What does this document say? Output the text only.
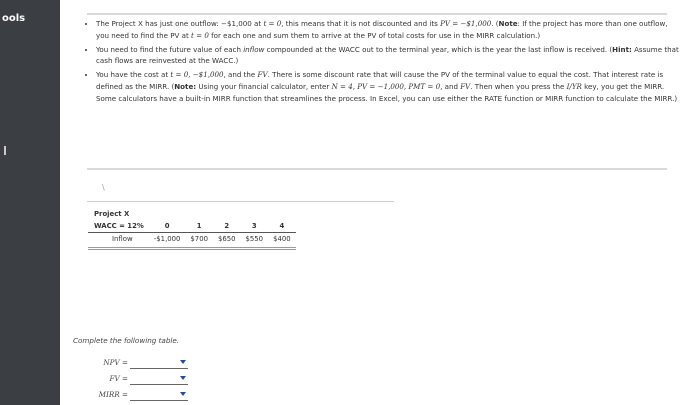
ools	• The Project X has just one outflow: −$1,000 at t = 0, this means that it is not discounted and its PV = −$1,000. (Note: If the project has more than one outflow, you need to find the PV at t = 0 for each one and sum them to arrive at the PV of total costs for use in the MIRR calculation.)
• You need to find the future value of each inflow compounded at the WACC out to the terminal year, which is the year the last inflow is received. (Hint: Assume that cash flows are reinvested at the WACC.)
• You have the cost at t = 0, −$1,000, and the FV. There is some discount rate that will cause the PV of the terminal value to equal the cost. That interest rate is defined as the MIRR. (Note: Using your financial calculator, enter N = 4, PV = −1,000, PMT = 0, and FV. Then when you press the I/YR key, you get the MIRR. Some calculators have a built-in MIRR function that streamlines the process. In Excel, you can use either the RATE function or MIRR function to calculate the MIRR.)
\
Project X					
WACC = 12%	0	1	2	3	4
Inflow	-$1,000	$700	$650	$550	$400
Complete the following table.
NPV =
FV =
MIRR =
